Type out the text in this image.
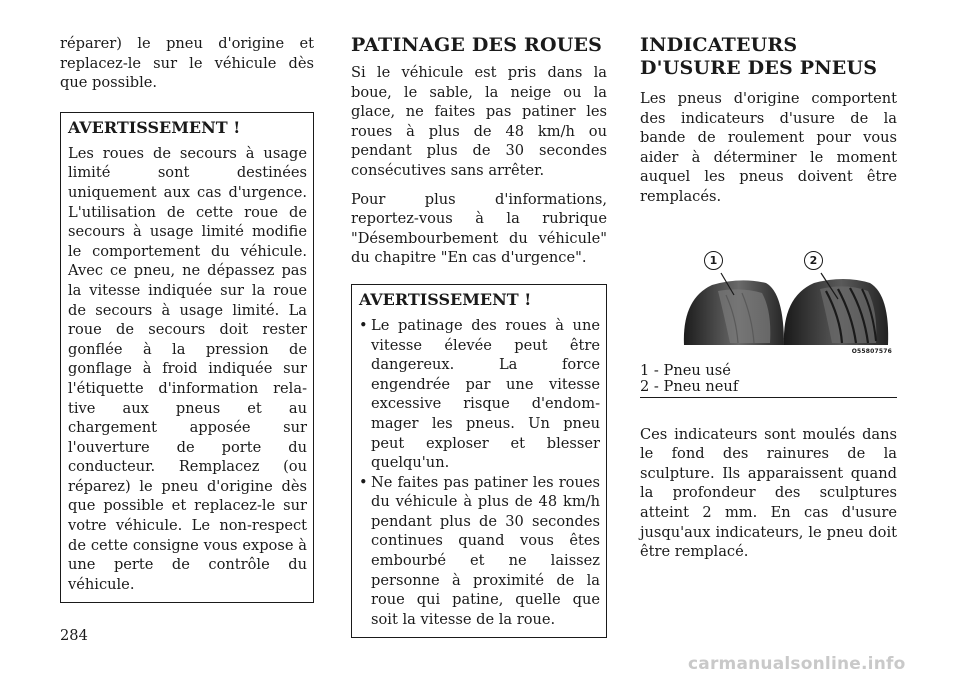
réparer) le pneu d'origine et replacez-le sur le véhicule dès que possible.

AVERTISSEMENT !

Les roues de secours à usage limité sont destinées uniquement aux cas d'urgence. L'utilisation de cette roue de secours à usage limité modifie le comportement du véhicule. Avec ce pneu, ne dépassez pas la vitesse indiquée sur la roue de secours à usage limité. La roue de secours doit rester gonflée à la pression de gonflage à froid indiquée sur l'étiquette d'information relative aux pneus et au chargement apposée sur l'ouverture de porte du conducteur. Remplacez (ou réparez) le pneu d'origine dès que possible et replacez-le sur votre véhicule. Le non-respect de cette consigne vous expose à une perte de contrôle du véhicule.

PATINAGE DES ROUES

Si le véhicule est pris dans la boue, le sable, la neige ou la glace, ne faites pas patiner les roues à plus de 48 km/h ou pendant plus de 30 secondes consécutives sans arrêter.

Pour plus d'informations, reportez-vous à la rubrique "Désembourbement du véhicule" du chapitre "En cas d'urgence".

AVERTISSEMENT !
• Le patinage des roues à une vitesse élevée peut être dangereux. La force engendrée par une vitesse excessive risque d'endommager les pneus. Un pneu peut exploser et blesser quelqu'un.
• Ne faites pas patiner les roues du véhicule à plus de 48 km/h pendant plus de 30 secondes continues quand vous êtes embourbé et ne laissez personne à proximité de la roue qui patine, quelle que soit la vitesse de la roue.
INDICATEURS D'USURE DES PNEUS

Les pneus d'origine comportent des indicateurs d'usure de la bande de roulement pour vous aider à déterminer le moment auquel les pneus doivent être remplacés.

1	2
O55807576
1 - Pneu usé
2 - Pneu neuf

Ces indicateurs sont moulés dans le fond des rainures de la sculpture. Ils apparaissent quand la profondeur des sculptures atteint 2 mm. En cas d'usure jusqu'aux indicateurs, le pneu doit être remplacé.

284
carmanualsonline.info
